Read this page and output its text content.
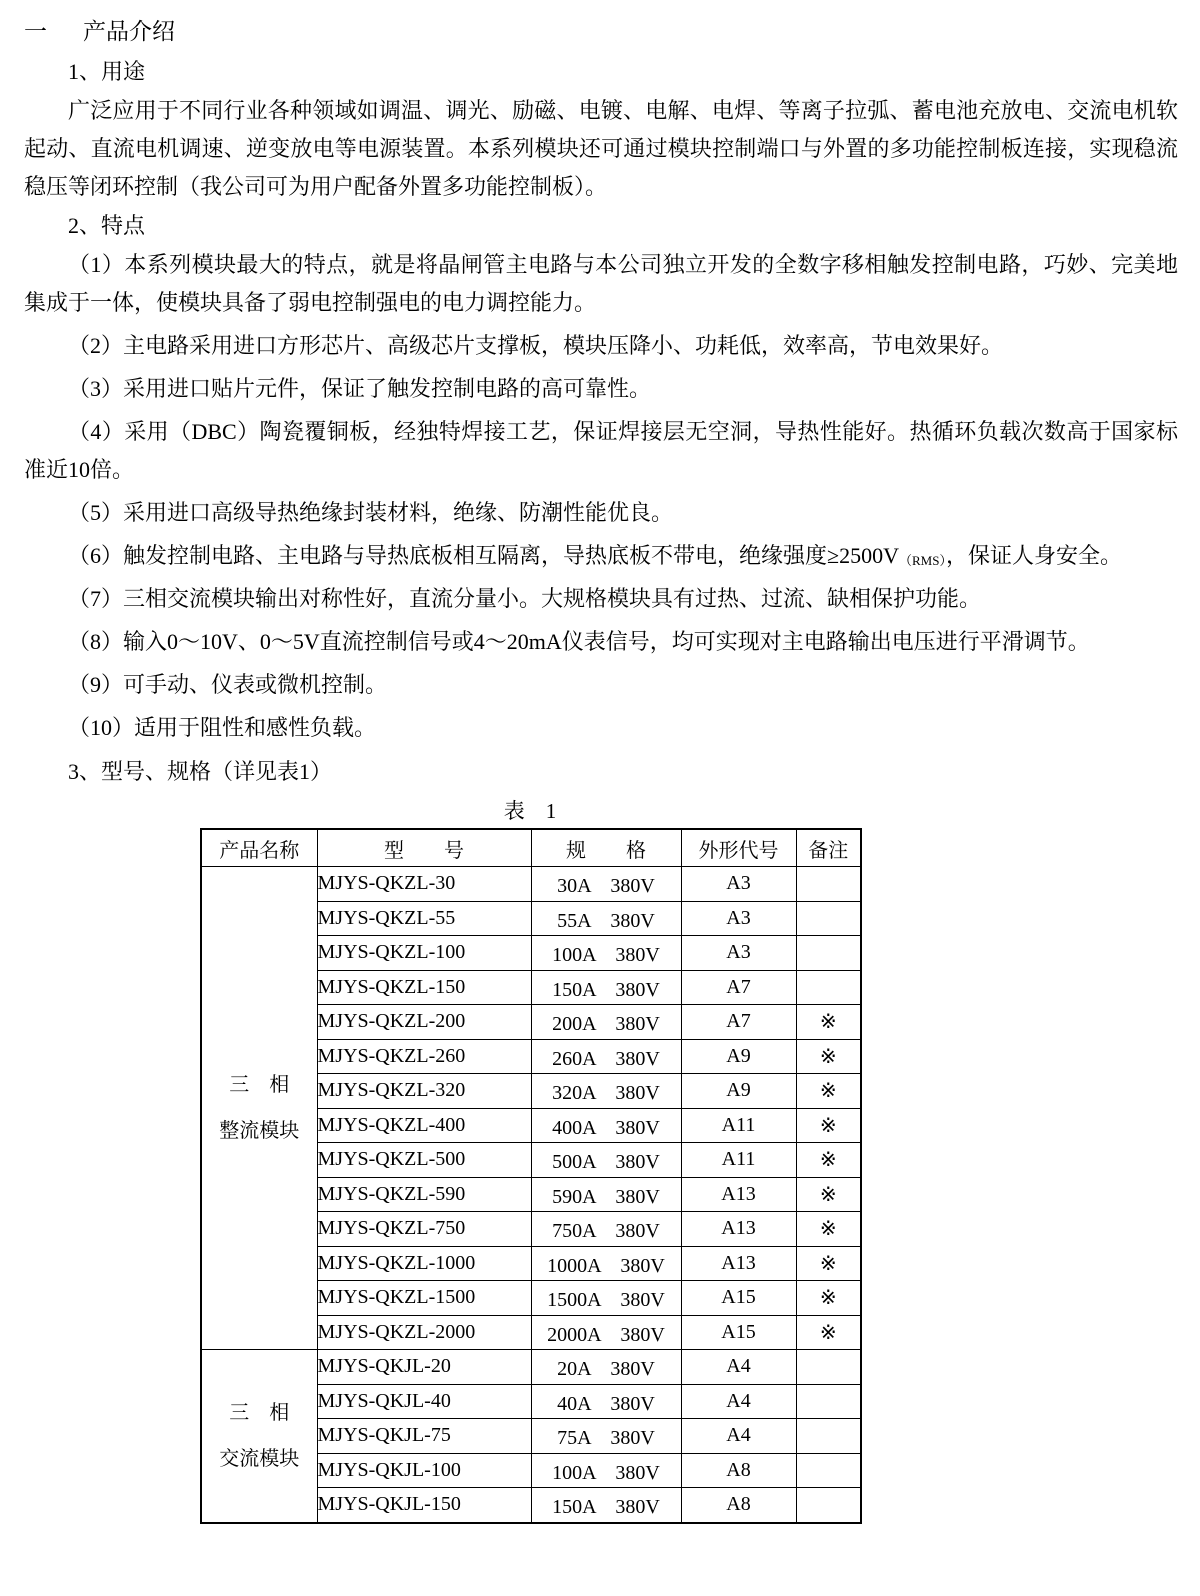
一 产品介绍

1、用途

广泛应用于不同行业各种领域如调温、调光、励磁、电镀、电解、电焊、等离子拉弧、蓄电池充放电、交流电机软起动、直流电机调速、逆变放电等电源装置。本系列模块还可通过模块控制端口与外置的多功能控制板连接，实现稳流稳压等闭环控制（我公司可为用户配备外置多功能控制板）。

2、特点

（1）本系列模块最大的特点，就是将晶闸管主电路与本公司独立开发的全数字移相触发控制电路，巧妙、完美地集成于一体，使模块具备了弱电控制强电的电力调控能力。

（2）主电路采用进口方形芯片、高级芯片支撑板，模块压降小、功耗低，效率高，节电效果好。

（3）采用进口贴片元件，保证了触发控制电路的高可靠性。

（4）采用（DBC）陶瓷覆铜板，经独特焊接工艺，保证焊接层无空洞，导热性能好。热循环负载次数高于国家标准近10倍。

（5）采用进口高级导热绝缘封装材料，绝缘、防潮性能优良。

（6）触发控制电路、主电路与导热底板相互隔离，导热底板不带电，绝缘强度≥2500V（RMS），保证人身安全。

（7）三相交流模块输出对称性好，直流分量小。大规格模块具有过热、过流、缺相保护功能。

（8）输入0～10V、0～5V直流控制信号或4～20mA仪表信号，均可实现对主电路输出电压进行平滑调节。

（9）可手动、仪表或微机控制。

（10）适用于阻性和感性负载。

3、型号、规格（详见表1）

表　1
产品名称	型　　号	规　　格	外形代号	备注

三　相
整流模块	MJYS-QKZL-30	30A　380V	A3	
	MJYS-QKZL-55	55A　380V	A3	
	MJYS-QKZL-100	100A　380V	A3	
	MJYS-QKZL-150	150A　380V	A7	
	MJYS-QKZL-200	200A　380V	A7	※
	MJYS-QKZL-260	260A　380V	A9	※
	MJYS-QKZL-320	320A　380V	A9	※
	MJYS-QKZL-400	400A　380V	A11	※
	MJYS-QKZL-500	500A　380V	A11	※
	MJYS-QKZL-590	590A　380V	A13	※
	MJYS-QKZL-750	750A　380V	A13	※
	MJYS-QKZL-1000	1000A　380V	A13	※
	MJYS-QKZL-1500	1500A　380V	A15	※
	MJYS-QKZL-2000	2000A　380V	A15	※

三　相
交流模块	MJYS-QKJL-20	20A　380V	A4	
	MJYS-QKJL-40	40A　380V	A4	
	MJYS-QKJL-75	75A　380V	A4	
	MJYS-QKJL-100	100A　380V	A8	
	MJYS-QKJL-150	150A　380V	A8	
